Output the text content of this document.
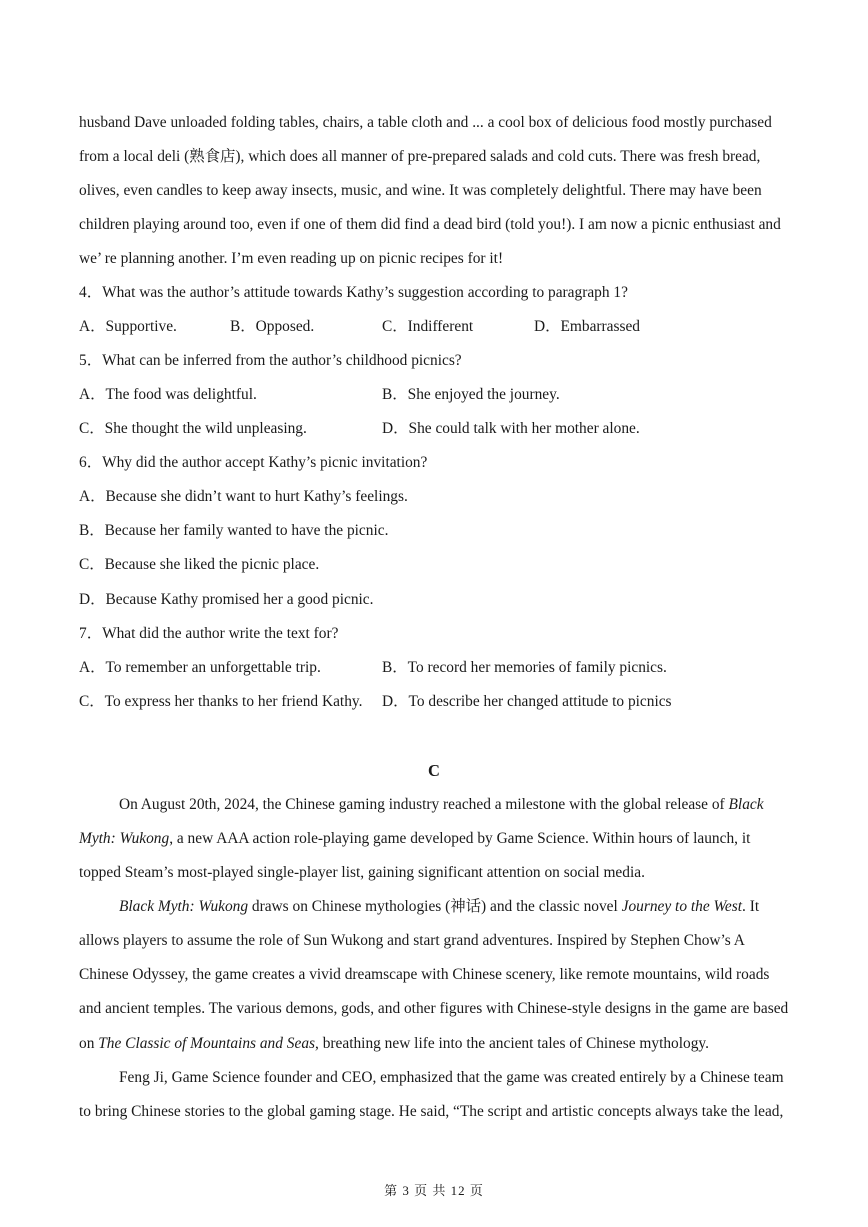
husband Dave unloaded folding tables, chairs, a table cloth and ... a cool box of delicious food mostly purchased
from a local deli (熟食店), which does all manner of pre-prepared salads and cold cuts. There was fresh bread,
olives, even candles to keep away insects, music, and wine. It was completely delightful. There may have been
children playing around too, even if one of them did find a dead bird (told you!). I am now a picnic enthusiast and
we’ re planning another. I’m even reading up on picnic recipes for it!
4．What was the author’s attitude towards Kathy’s suggestion according to paragraph 1?
A．Supportive.	B．Opposed.	C．Indifferent	D．Embarrassed
5．What can be inferred from the author’s childhood picnics?
A．The food was delightful.	B．She enjoyed the journey.
C．She thought the wild unpleasing.	D．She could talk with her mother alone.
6．Why did the author accept Kathy’s picnic invitation?
A．Because she didn’t want to hurt Kathy’s feelings.
B．Because her family wanted to have the picnic.
C．Because she liked the picnic place.
D．Because Kathy promised her a good picnic.
7．What did the author write the text for?
A．To remember an unforgettable trip.	B．To record her memories of family picnics.
C．To express her thanks to her friend Kathy. D．To describe her changed attitude to picnics
C
On August 20th, 2024, the Chinese gaming industry reached a milestone with the global release of Black
Myth: Wukong, a new AAA action role-playing game developed by Game Science. Within hours of launch, it
topped Steam’s most-played single-player list, gaining significant attention on social media.
Black Myth: Wukong draws on Chinese mythologies (神话) and the classic novel Journey to the West. It
allows players to assume the role of Sun Wukong and start grand adventures. Inspired by Stephen Chow’s A
Chinese Odyssey, the game creates a vivid dreamscape with Chinese scenery, like remote mountains, wild roads
and ancient temples. The various demons, gods, and other figures with Chinese-style designs in the game are based
on The Classic of Mountains and Seas, breathing new life into the ancient tales of Chinese mythology.
Feng Ji, Game Science founder and CEO, emphasized that the game was created entirely by a Chinese team
to bring Chinese stories to the global gaming stage. He said, “The script and artistic concepts always take the lead,
第 3 页 共 12 页
